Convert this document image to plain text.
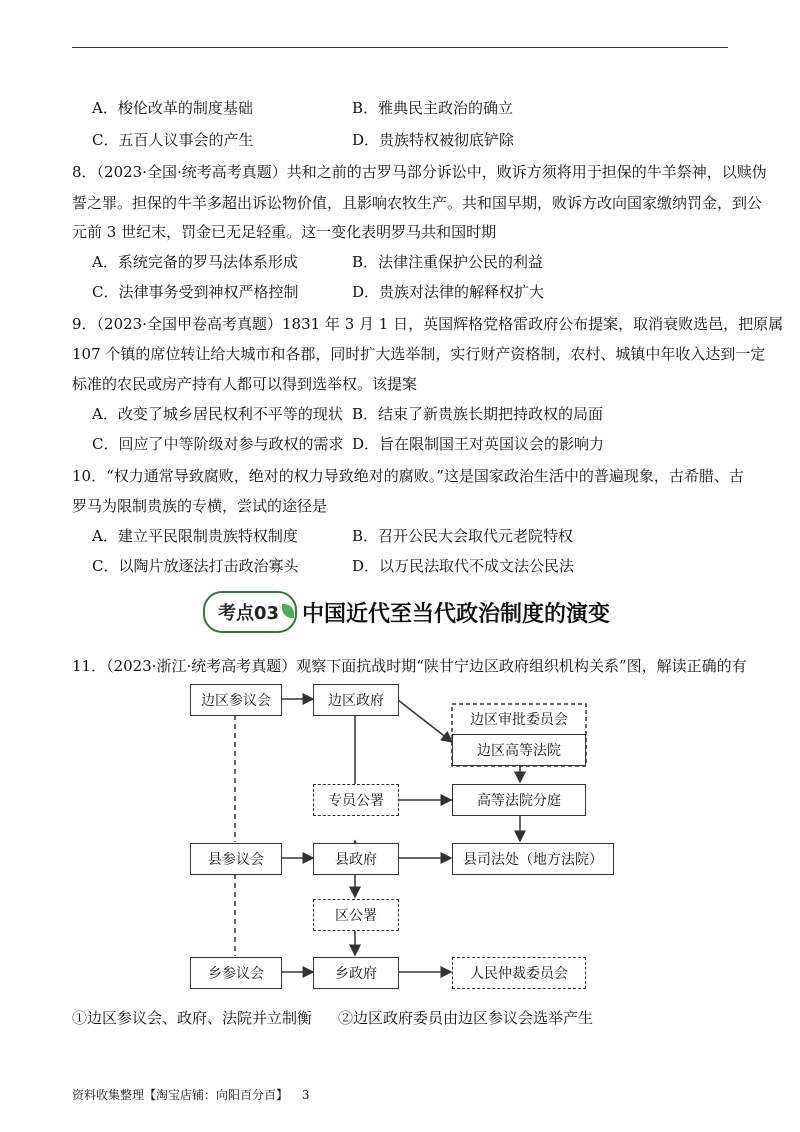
A．梭伦改革的制度基础	B．雅典民主政治的确立
C．五百人议事会的产生	D．贵族特权被彻底铲除
8．（2023·全国·统考高考真题）共和之前的古罗马部分诉讼中，败诉方须将用于担保的牛羊祭神，以赎伪
誓之罪。担保的牛羊多超出诉讼物价值，且影响农牧生产。共和国早期，败诉方改向国家缴纳罚金，到公
元前 3 世纪末，罚金已无足轻重。这一变化表明罗马共和国时期
A．系统完备的罗马法体系形成	B．法律注重保护公民的利益
C．法律事务受到神权严格控制	D．贵族对法律的解释权扩大
9．（2023·全国甲卷高考真题）1831 年 3 月 1 日，英国辉格党格雷政府公布提案，取消衰败选邑，把原属
107 个镇的席位转让给大城市和各郡，同时扩大选举制，实行财产资格制，农村、城镇中年收入达到一定
标准的农民或房产持有人都可以得到选举权。该提案
A．改变了城乡居民权利不平等的现状 B．结束了新贵族长期把持政权的局面
C．回应了中等阶级对参与政权的需求 D．旨在限制国王对英国议会的影响力
10．“权力通常导致腐败，绝对的权力导致绝对的腐败。”这是国家政治生活中的普遍现象，古希腊、古
罗马为限制贵族的专横，尝试的途径是
A．建立平民限制贵族特权制度	B．召开公民大会取代元老院特权
C．以陶片放逐法打击政治寡头	D．以万民法取代不成文法公民法
考点03 中国近代至当代政治制度的演变
11．（2023·浙江·统考高考真题）观察下面抗战时期“陕甘宁边区政府组织机构关系”图，解读正确的有
边区参议会	边区政府
边区审批委员会
边区高等法院
专员公署	高等法院分庭
县参议会	县政府	县司法处（地方法院）
区公署
乡参议会	乡政府	人民仲裁委员会
①边区参议会、政府、法院并立制衡 ②边区政府委员由边区参议会选举产生
资料收集整理【淘宝店铺：向阳百分百】 3
